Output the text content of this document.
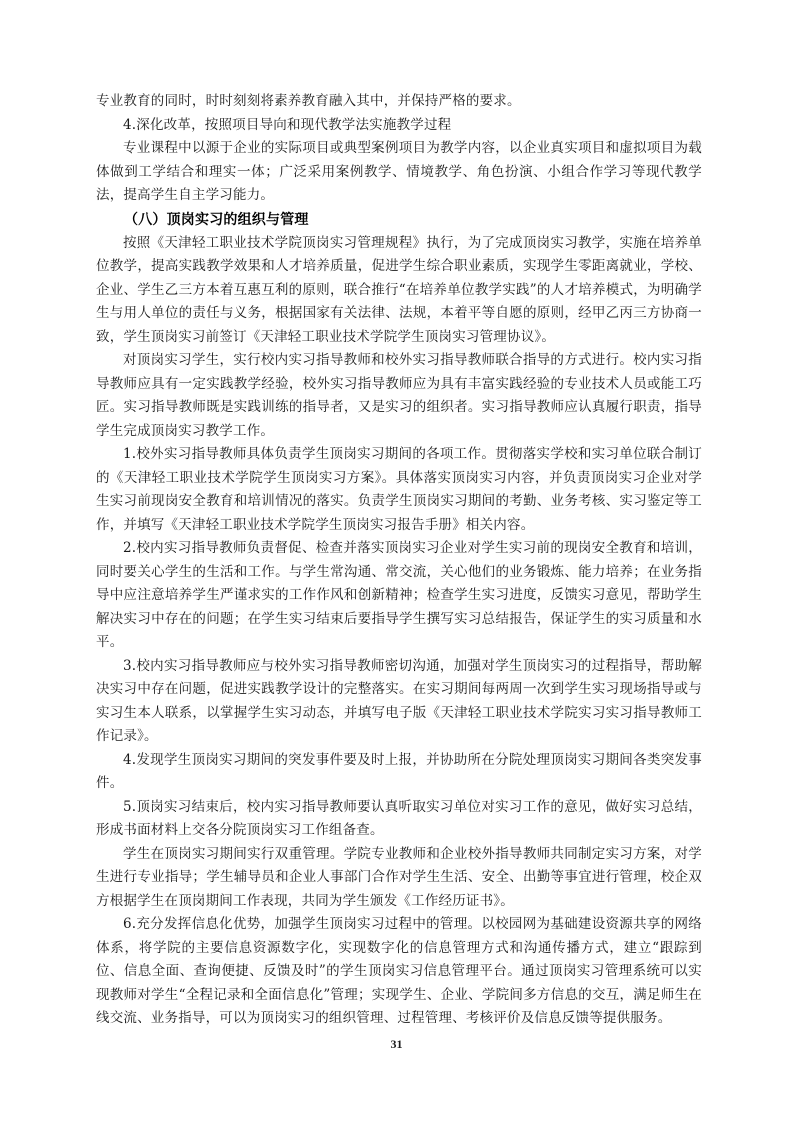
专业教育的同时，时时刻刻将素养教育融入其中，并保持严格的要求。

4.深化改革，按照项目导向和现代教学法实施教学过程

专业课程中以源于企业的实际项目或典型案例项目为教学内容，以企业真实项目和虚拟项目为载体做到工学结合和理实一体；广泛采用案例教学、情境教学、角色扮演、小组合作学习等现代教学法，提高学生自主学习能力。

（八）顶岗实习的组织与管理

按照《天津轻工职业技术学院顶岗实习管理规程》执行，为了完成顶岗实习教学，实施在培养单位教学，提高实践教学效果和人才培养质量，促进学生综合职业素质，实现学生零距离就业，学校、企业、学生乙三方本着互惠互利的原则，联合推行“在培养单位教学实践”的人才培养模式，为明确学生与用人单位的责任与义务，根据国家有关法律、法规，本着平等自愿的原则，经甲乙丙三方协商一致，学生顶岗实习前签订《天津轻工职业技术学院学生顶岗实习管理协议》。

对顶岗实习学生，实行校内实习指导教师和校外实习指导教师联合指导的方式进行。校内实习指导教师应具有一定实践教学经验，校外实习指导教师应为具有丰富实践经验的专业技术人员或能工巧匠。实习指导教师既是实践训练的指导者，又是实习的组织者。实习指导教师应认真履行职责，指导学生完成顶岗实习教学工作。

1.校外实习指导教师具体负责学生顶岗实习期间的各项工作。贯彻落实学校和实习单位联合制订的《天津轻工职业技术学院学生顶岗实习方案》。具体落实顶岗实习内容，并负责顶岗实习企业对学生实习前现岗安全教育和培训情况的落实。负责学生顶岗实习期间的考勤、业务考核、实习鉴定等工作，并填写《天津轻工职业技术学院学生顶岗实习报告手册》相关内容。

2.校内实习指导教师负责督促、检查并落实顶岗实习企业对学生实习前的现岗安全教育和培训，同时要关心学生的生活和工作。与学生常沟通、常交流，关心他们的业务锻炼、能力培养；在业务指导中应注意培养学生严谨求实的工作作风和创新精神；检查学生实习进度，反馈实习意见，帮助学生解决实习中存在的问题；在学生实习结束后要指导学生撰写实习总结报告，保证学生的实习质量和水平。

3.校内实习指导教师应与校外实习指导教师密切沟通，加强对学生顶岗实习的过程指导，帮助解决实习中存在问题，促进实践教学设计的完整落实。在实习期间每两周一次到学生实习现场指导或与实习生本人联系，以掌握学生实习动态，并填写电子版《天津轻工职业技术学院实习实习指导教师工作记录》。

4.发现学生顶岗实习期间的突发事件要及时上报，并协助所在分院处理顶岗实习期间各类突发事件。

5.顶岗实习结束后，校内实习指导教师要认真听取实习单位对实习工作的意见，做好实习总结，形成书面材料上交各分院顶岗实习工作组备查。

学生在顶岗实习期间实行双重管理。学院专业教师和企业校外指导教师共同制定实习方案，对学生进行专业指导；学生辅导员和企业人事部门合作对学生生活、安全、出勤等事宜进行管理，校企双方根据学生在顶岗期间工作表现，共同为学生颁发《工作经历证书》。

6.充分发挥信息化优势，加强学生顶岗实习过程中的管理。以校园网为基础建设资源共享的网络体系，将学院的主要信息资源数字化，实现数字化的信息管理方式和沟通传播方式，建立“跟踪到位、信息全面、查询便捷、反馈及时”的学生顶岗实习信息管理平台。通过顶岗实习管理系统可以实现教师对学生“全程记录和全面信息化”管理；实现学生、企业、学院间多方信息的交互，满足师生在线交流、业务指导，可以为顶岗实习的组织管理、过程管理、考核评价及信息反馈等提供服务。

31
